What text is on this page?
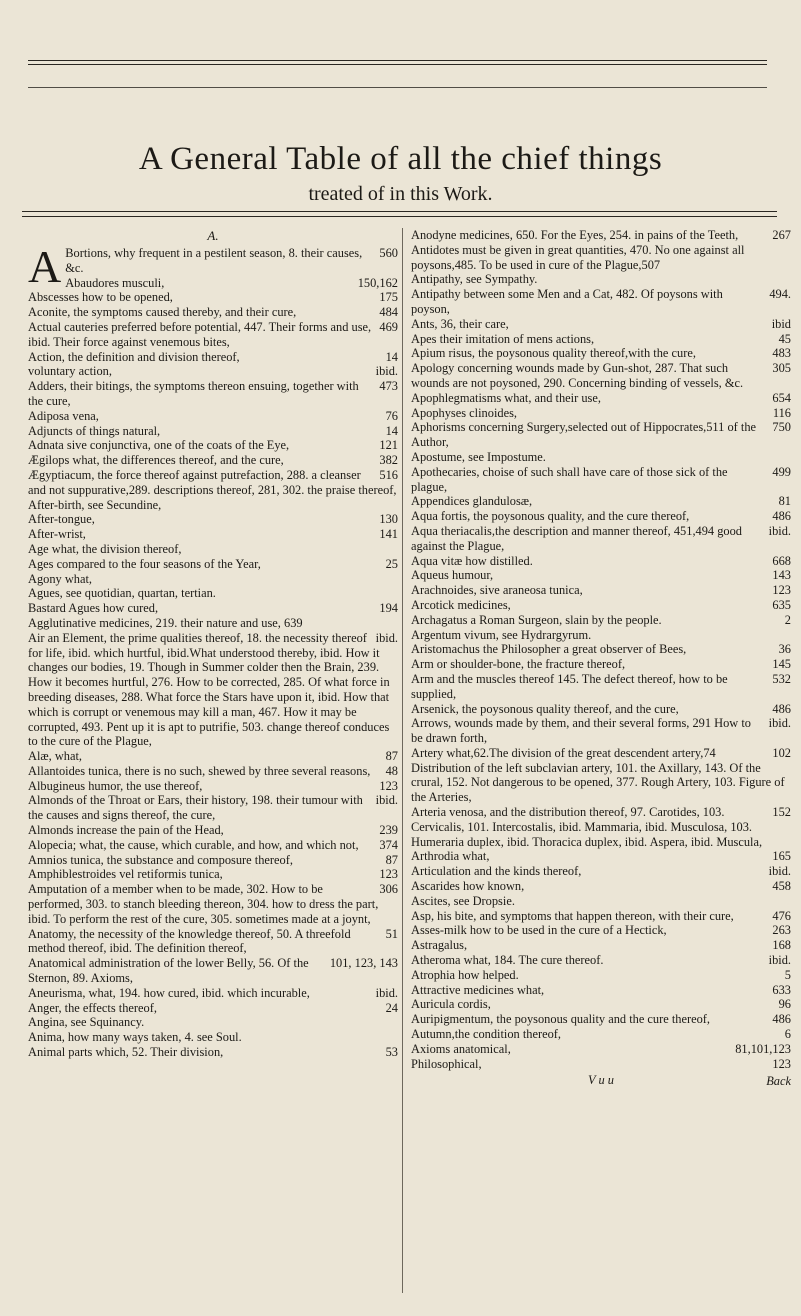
A General Table of all the chief things
treated of in this Work.
A.
560
A Bortions, why frequent in a pestilent season, 8. their causes, &c.
150,162
Abaudores musculi,
175
Abscesses how to be opened,
484
Aconite, the symptoms caused thereby, and their cure,
469
Actual cauteries preferred before potential, 447. Their forms and use, ibid. Their force against venemous bites,
14
Action, the definition and division thereof,
ibid.
voluntary action,
473
Adders, their bitings, the symptoms thereon ensuing, together with the cure,
76
Adiposa vena,
14
Adjuncts of things natural,
121
Adnata sive conjunctiva, one of the coats of the Eye,
382
Ægilops what, the differences thereof, and the cure,
516
Ægyptiacum, the force thereof against putrefaction, 288. a cleanser and not suppurative,289. descriptions thereof, 281, 302. the praise thereof,
After-birth, see Secundine,
130
After-tongue,
141
After-wrist,
Age what, the division thereof,
25
Ages compared to the four seasons of the Year,
Agony what,
Agues, see quotidian, quartan, tertian.
194
Bastard Agues how cured,
Agglutinative medicines, 219. their nature and use, 639
ibid.
Air an Element, the prime qualities thereof, 18. the necessity thereof for life, ibid. which hurtful, ibid.What understood thereby, ibid. How it changes our bodies, 19. Though in Summer colder then the Brain, 239. How it becomes hurtful, 276. How to be corrected, 285. Of what force in breeding diseases, 288. What force the Stars have upon it, ibid. How that which is corrupt or venemous may kill a man, 467. How it may be corrupted, 493. Pent up it is apt to putrifie, 503. change thereof conduces to the cure of the Plague,
87
Alæ, what,
48
Allantoides tunica, there is no such, shewed by three several reasons,
123
Albugineus humor, the use thereof,
ibid.
Almonds of the Throat or Ears, their history, 198. their tumour with the causes and signs thereof, the cure,
239
Almonds increase the pain of the Head,
374
Alopecia; what, the cause, which curable, and how, and which not,
87
Amnios tunica, the substance and composure thereof,
123
Amphiblestroides vel retiformis tunica,
306
Amputation of a member when to be made, 302. How to be performed, 303. to stanch bleeding thereon, 304. how to dress the part, ibid. To perform the rest of the cure, 305. sometimes made at a joynt,
51
Anatomy, the necessity of the knowledge thereof, 50. A threefold method thereof, ibid. The definition thereof,
101, 123, 143
Anatomical administration of the lower Belly, 56. Of the Sternon, 89. Axioms,
ibid.
Aneurisma, what, 194. how cured, ibid. which incurable,
24
Anger, the effects thereof,
Angina, see Squinancy.
Anima, how many ways taken, 4. see Soul.
53
Animal parts which, 52. Their division,
267
Anodyne medicines, 650. For the Eyes, 254. in pains of the Teeth,
Antidotes must be given in great quantities, 470. No one against all poysons,485. To be used in cure of the Plague,507
Antipathy, see Sympathy.
494.
Antipathy between some Men and a Cat, 482. Of poysons with poyson,
ibid
Ants, 36, their care,
45
Apes their imitation of mens actions,
483
Apium risus, the poysonous quality thereof,with the cure,
305
Apology concerning wounds made by Gun-shot, 287. That such wounds are not poysoned, 290. Concerning binding of vessels, &c.
654
Apophlegmatisms what, and their use,
116
Apophyses clinoides,
750
Aphorisms concerning Surgery,selected out of Hippocrates,511 of the Author,
Apostume, see Impostume.
499
Apothecaries, choise of such shall have care of those sick of the plague,
81
Appendices glandulosæ,
486
Aqua fortis, the poysonous quality, and the cure thereof,
ibid.
Aqua theriacalis,the description and manner thereof, 451,494 good against the Plague,
668
Aqua vitæ how distilled.
143
Aqueus humour,
123
Arachnoides, sive araneosa tunica,
635
Arcotick medicines,
2
Archagatus a Roman Surgeon, slain by the people.
Argentum vivum, see Hydrargyrum.
36
Aristomachus the Philosopher a great observer of Bees,
145
Arm or shoulder-bone, the fracture thereof,
532
Arm and the muscles thereof 145. The defect thereof, how to be supplied,
486
Arsenick, the poysonous quality thereof, and the cure,
ibid.
Arrows, wounds made by them, and their several forms, 291 How to be drawn forth,
102
Artery what,62.The division of the great descendent artery,74 Distribution of the left subclavian artery, 101. the Axillary, 143. Of the crural, 152. Not dangerous to be opened, 377. Rough Artery, 103. Figure of the Arteries,
152
Arteria venosa, and the distribution thereof, 97. Carotides, 103. Cervicalis, 101. Intercostalis, ibid. Mammaria, ibid. Musculosa, 103. Humeraria duplex, ibid. Thoracica duplex, ibid. Aspera, ibid. Muscula,
165
Arthrodia what,
ibid.
Articulation and the kinds thereof,
458
Ascarides how known,
Ascites, see Dropsie.
476
Asp, his bite, and symptoms that happen thereon, with their cure,
263
Asses-milk how to be used in the cure of a Hectick,
168
Astragalus,
ibid.
Atheroma what, 184. The cure thereof.
5
Atrophia how helped.
633
Attractive medicines what,
96
Auricula cordis,
486
Auripigmentum, the poysonous quality and the cure thereof,
6
Autumn,the condition thereof,
81,101,123
Axioms anatomical,
123
Philosophical,
V u u	Back
